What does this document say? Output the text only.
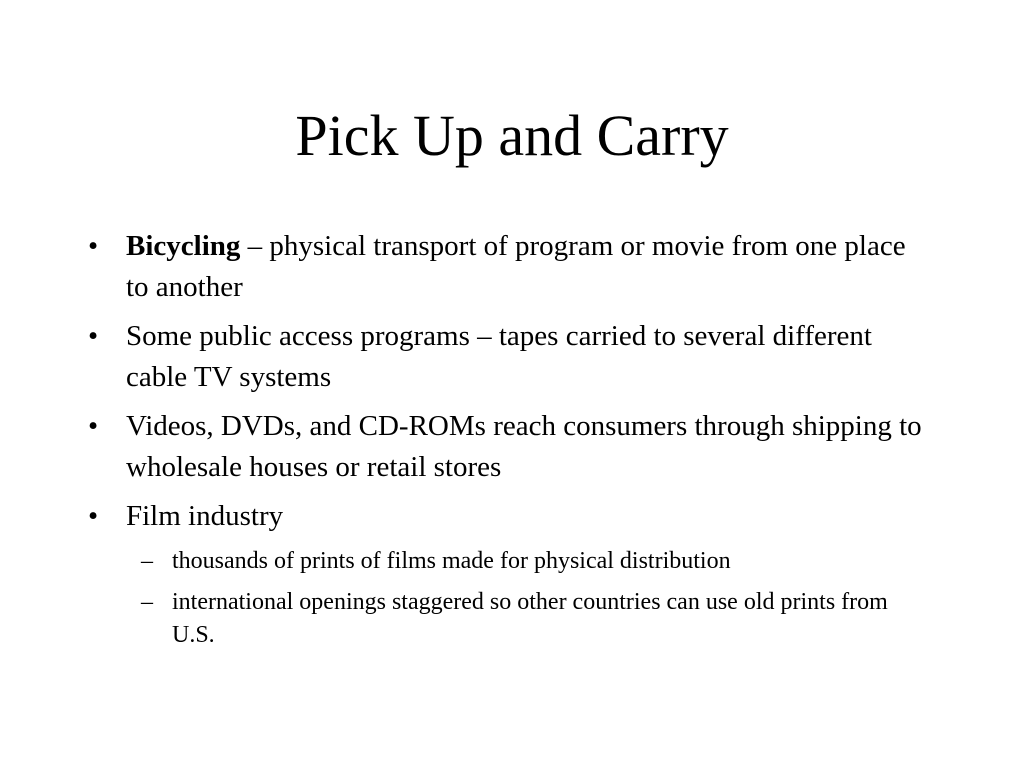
Pick Up and Carry
• Bicycling – physical transport of program or movie from one place to another
• Some public access programs – tapes carried to several different cable TV systems
• Videos, DVDs, and CD-ROMs reach consumers through shipping to wholesale houses or retail stores
• Film industry
– thousands of prints of films made for physical distribution
– international openings staggered so other countries can use old prints from U.S.
